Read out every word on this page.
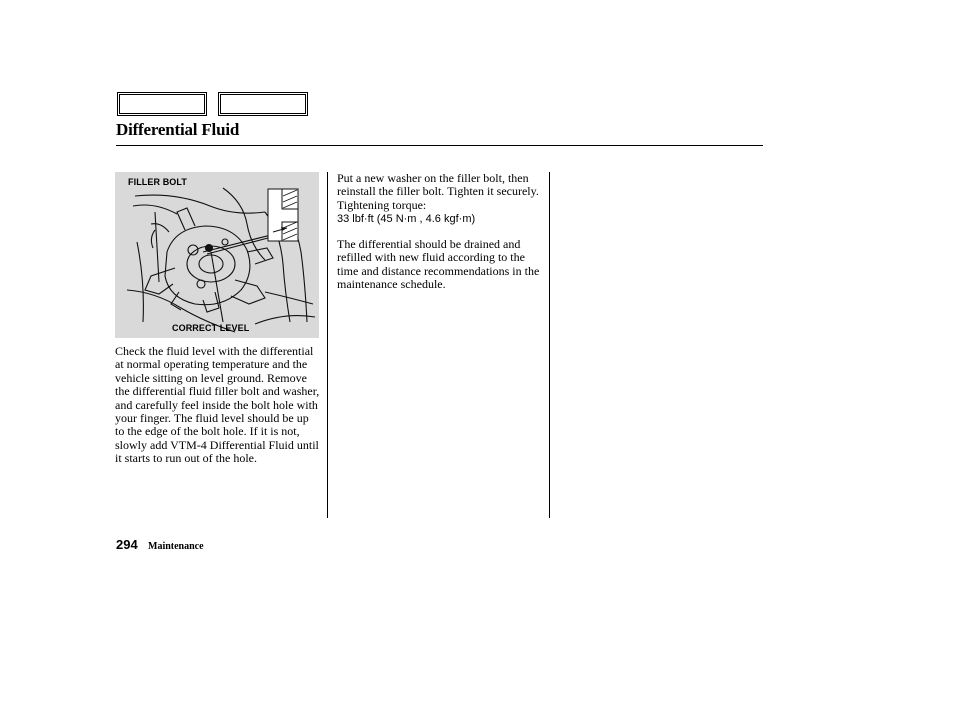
Differential Fluid
FILLER BOLT
CORRECT LEVEL

Check the fluid level with the differential at normal operating temperature and the vehicle sitting on level ground. Remove the differential fluid filler bolt and washer, and carefully feel inside the bolt hole with your finger. The fluid level should be up to the edge of the bolt hole. If it is not, slowly add VTM-4 Differential Fluid until it starts to run out of the hole.

Put a new washer on the filler bolt, then reinstall the filler bolt. Tighten it securely. Tightening torque:
33 lbf·ft (45 N·m , 4.6 kgf·m)

The differential should be drained and refilled with new fluid according to the time and distance recommendations in the maintenance schedule.

294 Maintenance
